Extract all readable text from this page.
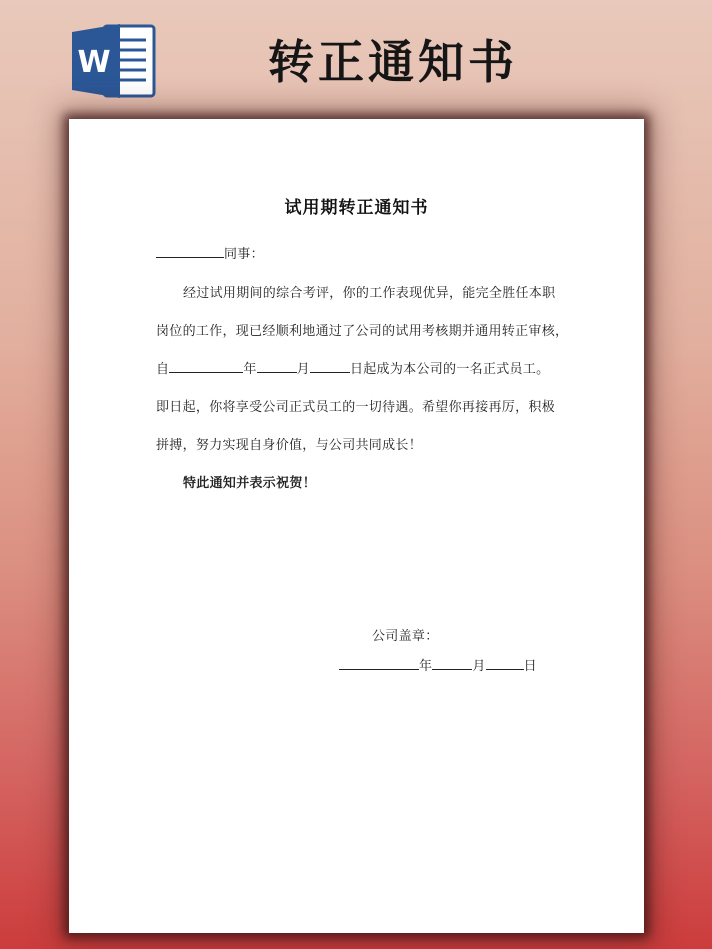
W	转正通知书
试用期转正通知书
同事：
经过试用期间的综合考评，你的工作表现优异，能完全胜任本职
岗位的工作，现已经顺利地通过了公司的试用考核期并通用转正审核，
自	年	月	日起成为本公司的一名正式员工。
即日起，你将享受公司正式员工的一切待遇。希望你再接再厉，积极
拼搏，努力实现自身价值，与公司共同成长！
特此通知并表示祝贺！
公司盖章：
年	月	日
